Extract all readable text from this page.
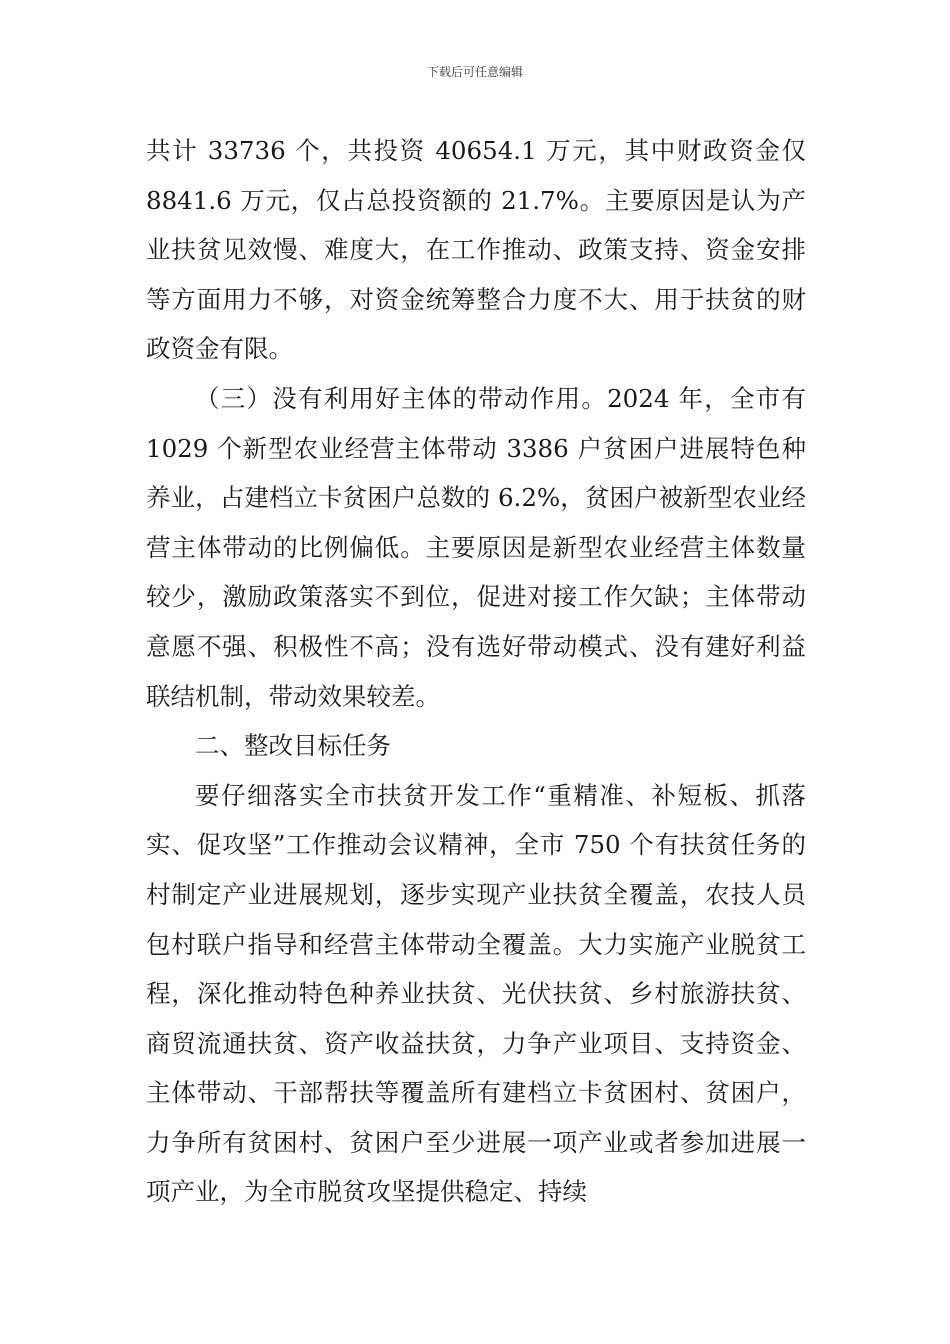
下载后可任意编辑

共计 33736 个，共投资 40654.1 万元，其中财政资金仅 8841.6 万元，仅占总投资额的 21.7%。主要原因是认为产业扶贫见效慢、难度大，在工作推动、政策支持、资金安排等方面用力不够，对资金统筹整合力度不大、用于扶贫的财政资金有限。

（三）没有利用好主体的带动作用。2024 年，全市有 1029 个新型农业经营主体带动 3386 户贫困户进展特色种养业，占建档立卡贫困户总数的 6.2%，贫困户被新型农业经营主体带动的比例偏低。主要原因是新型农业经营主体数量较少，激励政策落实不到位，促进对接工作欠缺；主体带动意愿不强、积极性不高；没有选好带动模式、没有建好利益联结机制，带动效果较差。

二、整改目标任务

要仔细落实全市扶贫开发工作“重精准、补短板、抓落实、促攻坚”工作推动会议精神，全市 750 个有扶贫任务的村制定产业进展规划，逐步实现产业扶贫全覆盖，农技人员包村联户指导和经营主体带动全覆盖。大力实施产业脱贫工程，深化推动特色种养业扶贫、光伏扶贫、乡村旅游扶贫、商贸流通扶贫、资产收益扶贫，力争产业项目、支持资金、主体带动、干部帮扶等覆盖所有建档立卡贫困村、贫困户，力争所有贫困村、贫困户至少进展一项产业或者参加进展一项产业，为全市脱贫攻坚提供稳定、持续
